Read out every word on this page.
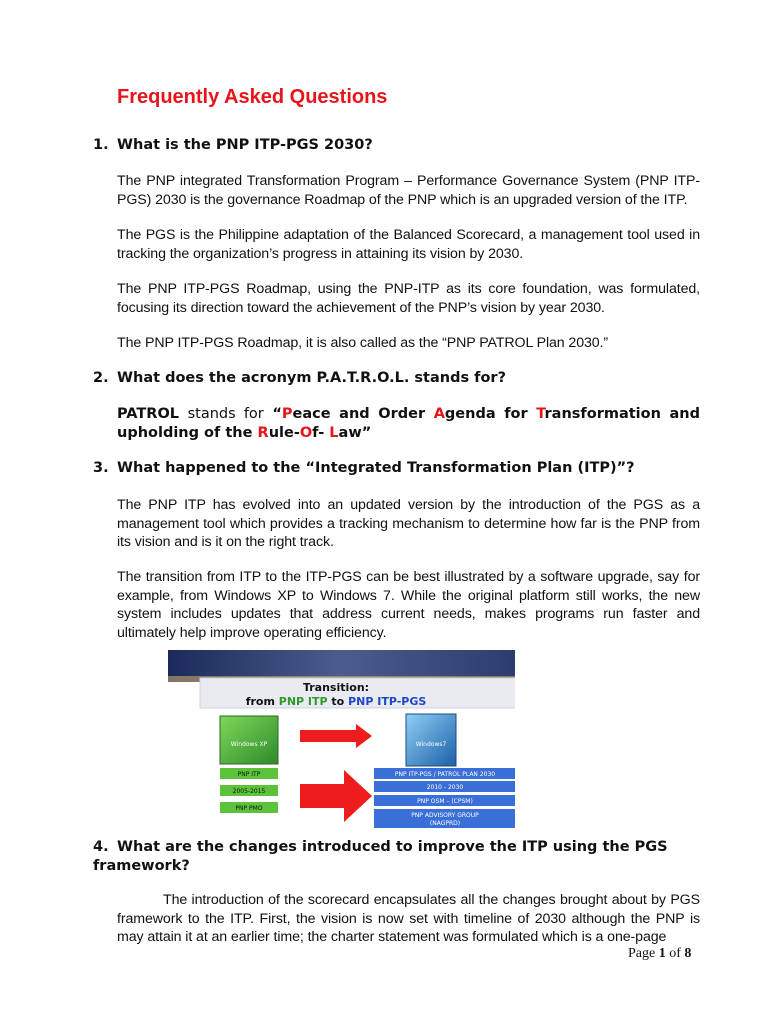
Frequently Asked Questions
1. What is the PNP ITP-PGS 2030?
The PNP integrated Transformation Program – Performance Governance System (PNP ITP-PGS) 2030 is the governance Roadmap of the PNP which is an upgraded version of the ITP.
The PGS is the Philippine adaptation of the Balanced Scorecard, a management tool used in tracking the organization’s progress in attaining its vision by 2030.
The PNP ITP-PGS Roadmap, using the PNP-ITP as its core foundation, was formulated, focusing its direction toward the achievement of the PNP’s vision by year 2030.
The PNP ITP-PGS Roadmap, it is also called as the “PNP PATROL Plan 2030.”
2. What does the acronym P.A.T.R.O.L. stands for?
PATROL stands for “Peace and Order Agenda for Transformation and upholding of the Rule-Of- Law”
3. What happened to the “Integrated Transformation Plan (ITP)”?
The PNP ITP has evolved into an updated version by the introduction of the PGS as a management tool which provides a tracking mechanism to determine how far is the PNP from its vision and is it on the right track.
The transition from ITP to the ITP-PGS can be best illustrated by a software upgrade, say for example, from Windows XP to Windows 7. While the original platform still works, the new system includes updates that address current needs, makes programs run faster and ultimately help improve operating efficiency.
Transition:
from PNP ITP to PNP ITP-PGS
Windows XP	Windows7
PNP ITP
2005-2015
PNP PMO
PNP ITP-PGS / PATROL PLAN 2030
2010 - 2030
PNP OSM – (CPSM)
PNP ADVISORY GROUP
(NAGPRD)
4. What are the changes introduced to improve the ITP using the PGS
framework?
The introduction of the scorecard encapsulates all the changes brought about by PGS framework to the ITP. First, the vision is now set with timeline of 2030 although the PNP is may attain it at an earlier time; the charter statement was formulated which is a one-page
Page 1 of 8
